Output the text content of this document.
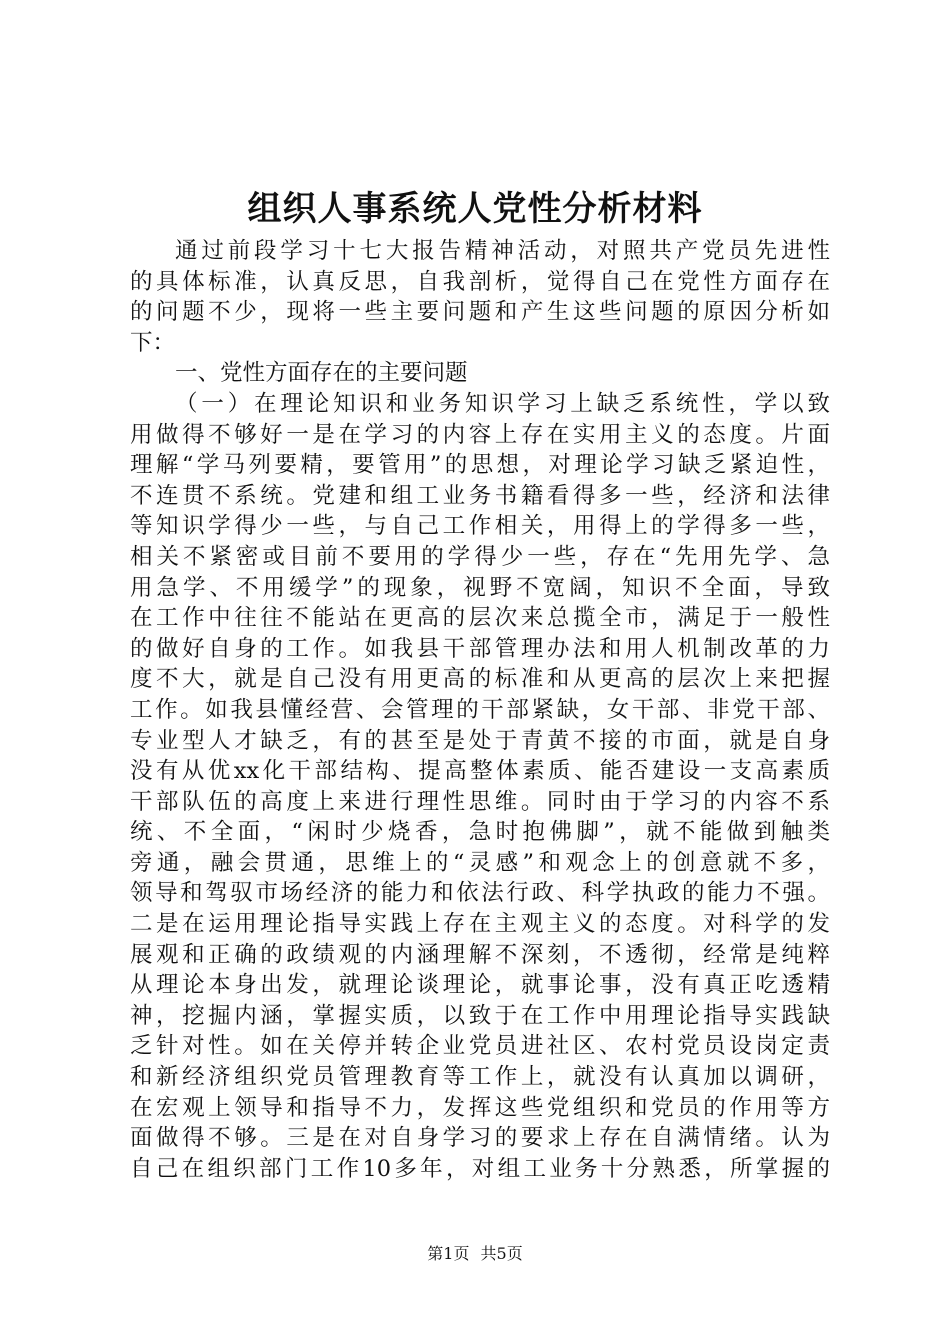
组织人事系统人党性分析材料
通过前段学习十七大报告精神活动，对照共产党员先进性
的具体标准，认真反思，自我剖析，觉得自己在党性方面存在
的问题不少，现将一些主要问题和产生这些问题的原因分析如
下：
一、党性方面存在的主要问题
（一）在理论知识和业务知识学习上缺乏系统性，学以致
用做得不够好一是在学习的内容上存在实用主义的态度。片面
理解“学马列要精，要管用”的思想，对理论学习缺乏紧迫性，
不连贯不系统。党建和组工业务书籍看得多一些，经济和法律
等知识学得少一些，与自己工作相关，用得上的学得多一些，
相关不紧密或目前不要用的学得少一些，存在“先用先学、急
用急学、不用缓学”的现象，视野不宽阔，知识不全面，导致
在工作中往往不能站在更高的层次来总揽全市，满足于一般性
的做好自身的工作。如我县干部管理办法和用人机制改革的力
度不大，就是自己没有用更高的标准和从更高的层次上来把握
工作。如我县懂经营、会管理的干部紧缺，女干部、非党干部、
专业型人才缺乏，有的甚至是处于青黄不接的市面，就是自身
没有从优xx化干部结构、提高整体素质、能否建设一支高素质
干部队伍的高度上来进行理性思维。同时由于学习的内容不系
统、不全面，“闲时少烧香，急时抱佛脚”，就不能做到触类
旁通，融会贯通，思维上的“灵感”和观念上的创意就不多，
领导和驾驭市场经济的能力和依法行政、科学执政的能力不强。
二是在运用理论指导实践上存在主观主义的态度。对科学的发
展观和正确的政绩观的内涵理解不深刻，不透彻，经常是纯粹
从理论本身出发，就理论谈理论，就事论事，没有真正吃透精
神，挖掘内涵，掌握实质，以致于在工作中用理论指导实践缺
乏针对性。如在关停并转企业党员进社区、农村党员设岗定责
和新经济组织党员管理教育等工作上，就没有认真加以调研，
在宏观上领导和指导不力，发挥这些党组织和党员的作用等方
面做得不够。三是在对自身学习的要求上存在自满情绪。认为
自己在组织部门工作10多年，对组工业务十分熟悉，所掌握的
第1页 共5页
